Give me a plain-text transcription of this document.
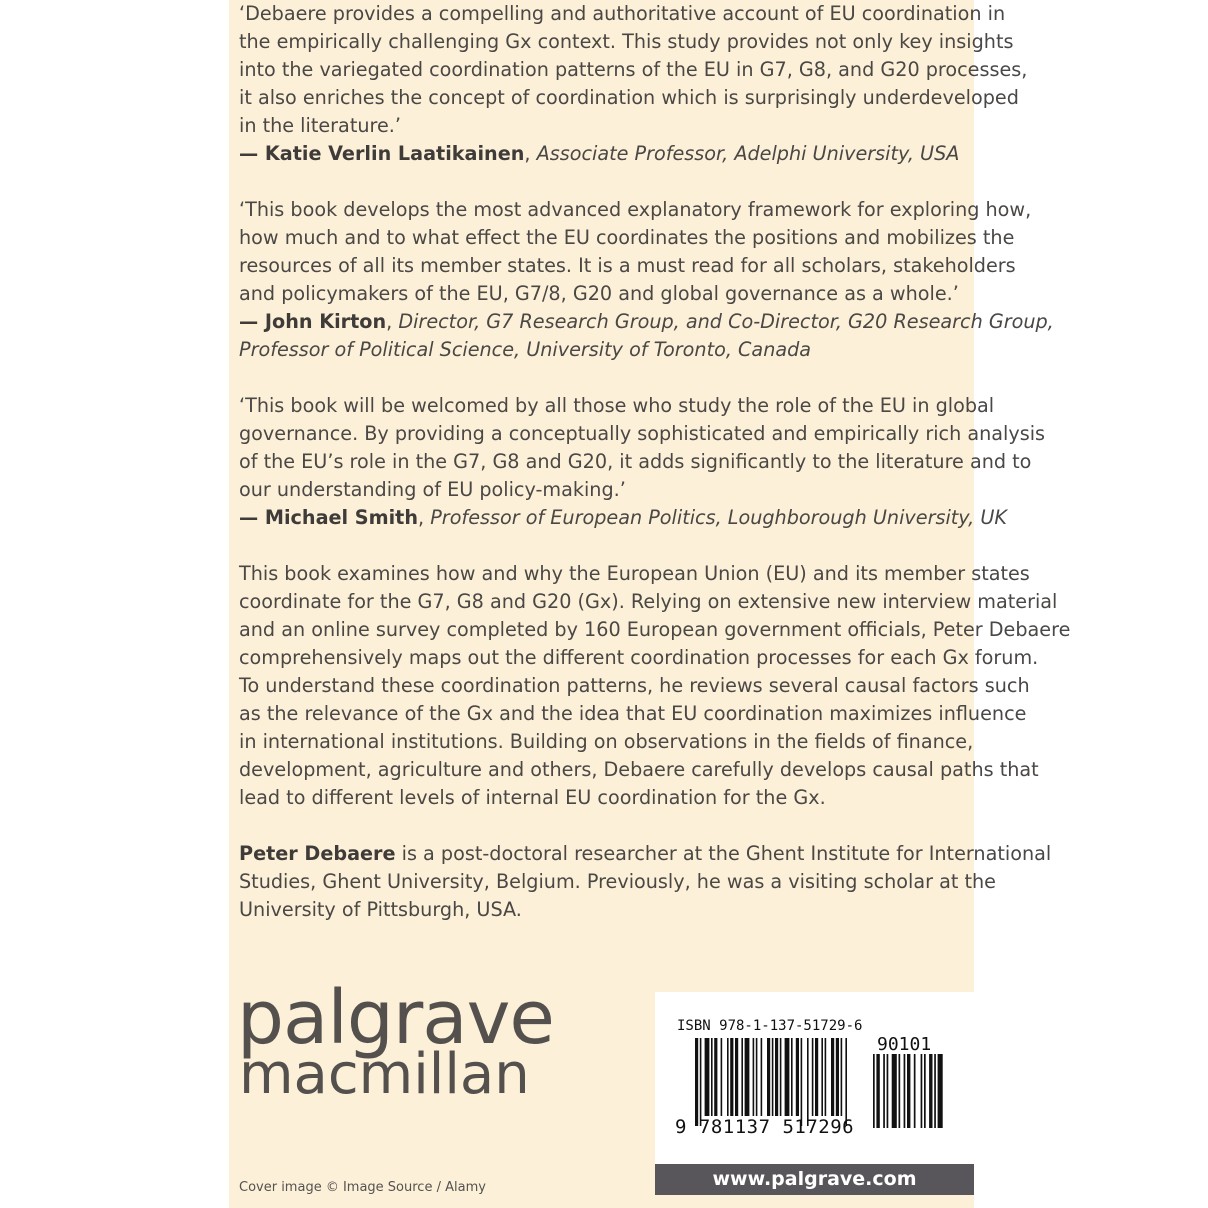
‘Debaere provides a compelling and authoritative account of EU coordination in
the empirically challenging Gx context. This study provides not only key insights
into the variegated coordination patterns of the EU in G7, G8, and G20 processes,
it also enriches the concept of coordination which is surprisingly underdeveloped
in the literature.’
— Katie Verlin Laatikainen, Associate Professor, Adelphi University, USA
‘This book develops the most advanced explanatory framework for exploring how,
how much and to what effect the EU coordinates the positions and mobilizes the
resources of all its member states. It is a must read for all scholars, stakeholders
and policymakers of the EU, G7/8, G20 and global governance as a whole.’
— John Kirton, Director, G7 Research Group, and Co-Director, G20 Research Group,
Professor of Political Science, University of Toronto, Canada
‘This book will be welcomed by all those who study the role of the EU in global
governance. By providing a conceptually sophisticated and empirically rich analysis
of the EU’s role in the G7, G8 and G20, it adds significantly to the literature and to
our understanding of EU policy-making.’
— Michael Smith, Professor of European Politics, Loughborough University, UK
This book examines how and why the European Union (EU) and its member states
coordinate for the G7, G8 and G20 (Gx). Relying on extensive new interview material
and an online survey completed by 160 European government officials, Peter Debaere
comprehensively maps out the different coordination processes for each Gx forum.
To understand these coordination patterns, he reviews several causal factors such
as the relevance of the Gx and the idea that EU coordination maximizes influence
in international institutions. Building on observations in the fields of finance,
development, agriculture and others, Debaere carefully develops causal paths that
lead to different levels of internal EU coordination for the Gx.
Peter Debaere is a post-doctoral researcher at the Ghent Institute for International
Studies, Ghent University, Belgium. Previously, he was a visiting scholar at the
University of Pittsburgh, USA.
palgrave
macmillan
Cover image © Image Source / Alamy
ISBN 978-1-137-51729-6
90101
9 781137 517296
www.palgrave.com
